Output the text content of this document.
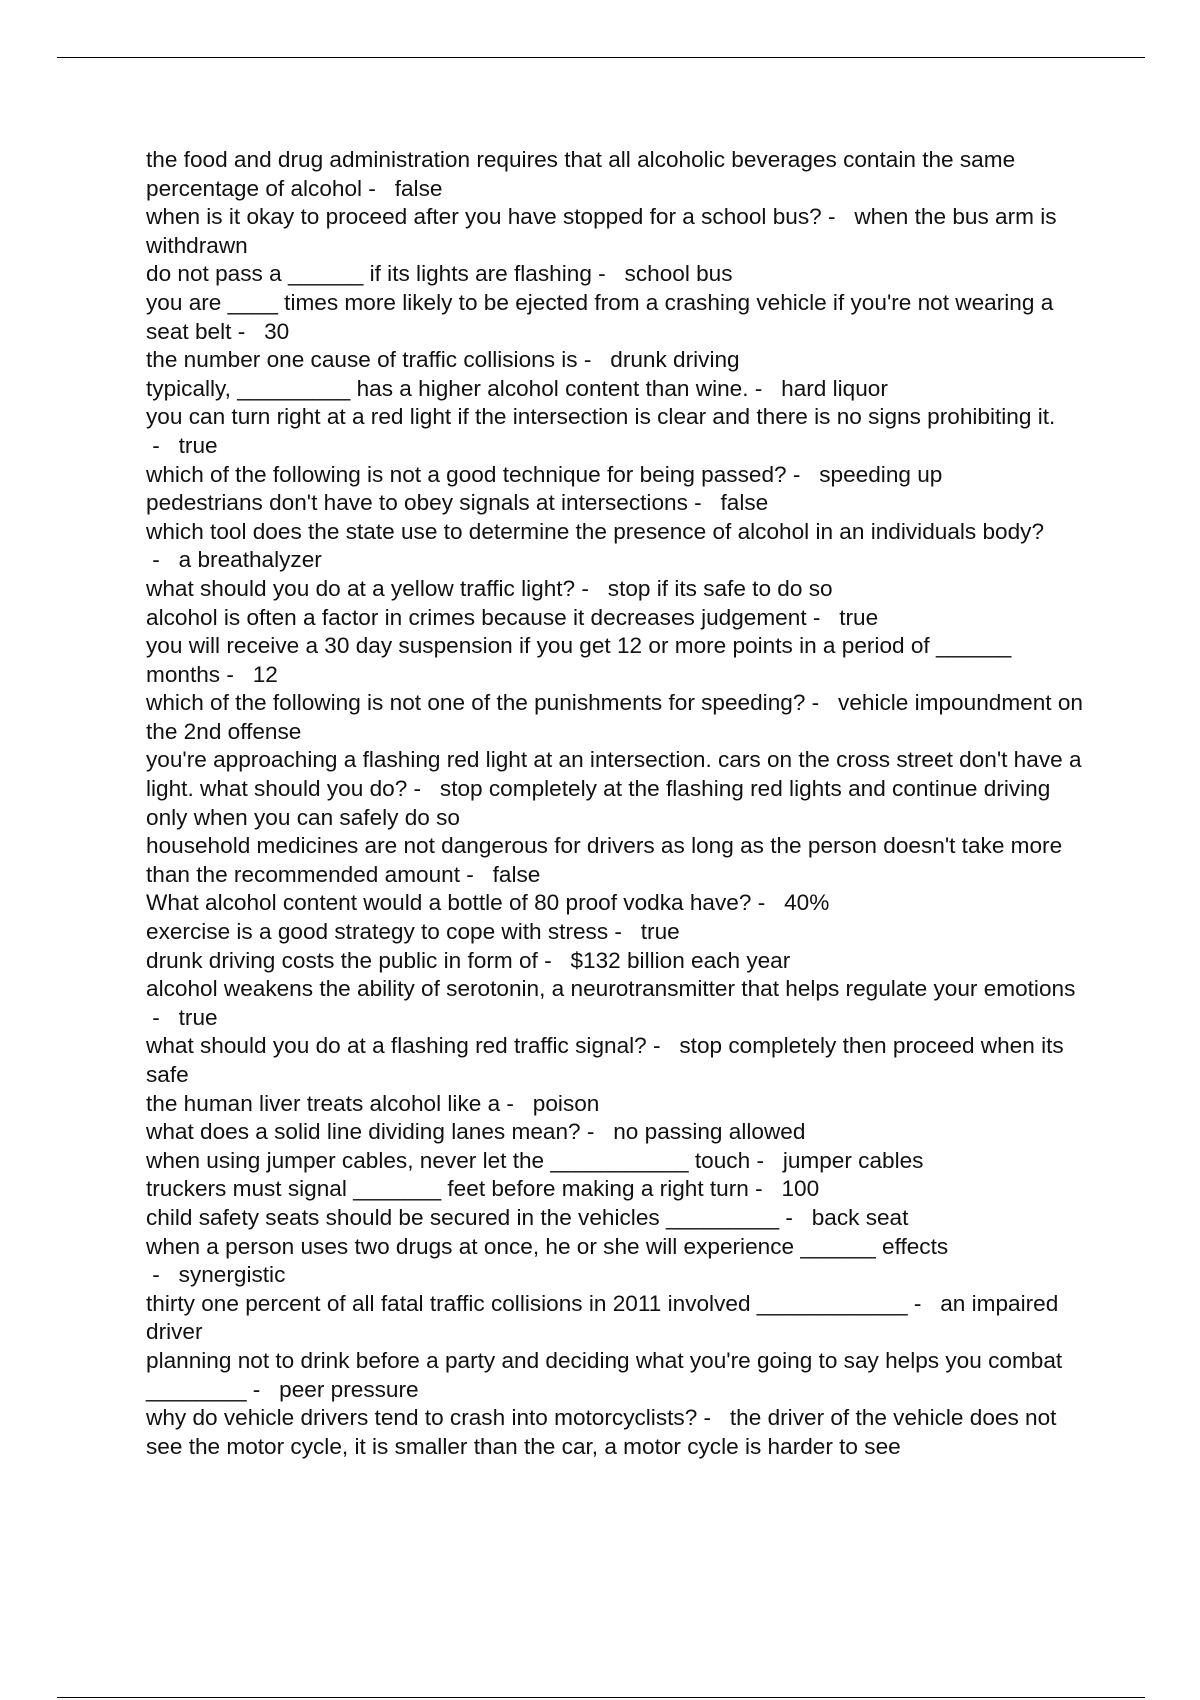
the food and drug administration requires that all alcoholic beverages contain the same percentage of alcohol -   false

when is it okay to proceed after you have stopped for a school bus? -   when the bus arm is withdrawn

do not pass a ______ if its lights are flashing -   school bus

you are ____ times more likely to be ejected from a crashing vehicle if you're not wearing a seat belt -   30

the number one cause of traffic collisions is -   drunk driving

typically, _________ has a higher alcohol content than wine. -   hard liquor

you can turn right at a red light if the intersection is clear and there is no signs prohibiting it. -   true

which of the following is not a good technique for being passed? -   speeding up

pedestrians don't have to obey signals at intersections -   false

which tool does the state use to determine the presence of alcohol in an individuals body? -   a breathalyzer

what should you do at a yellow traffic light? -   stop if its safe to do so

alcohol is often a factor in crimes because it decreases judgement -   true

you will receive a 30 day suspension if you get 12 or more points in a period of ______ months -   12

which of the following is not one of the punishments for speeding? -   vehicle impoundment on the 2nd offense

you're approaching a flashing red light at an intersection. cars on the cross street don't have a light. what should you do? -   stop completely at the flashing red lights and continue driving only when you can safely do so

household medicines are not dangerous for drivers as long as the person doesn't take more than the recommended amount -   false

What alcohol content would a bottle of 80 proof vodka have? -   40%

exercise is a good strategy to cope with stress -   true

drunk driving costs the public in form of -   $132 billion each year

alcohol weakens the ability of serotonin, a neurotransmitter that helps regulate your emotions -   true

what should you do at a flashing red traffic signal? -   stop completely then proceed when its safe

the human liver treats alcohol like a -   poison

what does a solid line dividing lanes mean? -   no passing allowed

when using jumper cables, never let the ___________ touch -   jumper cables

truckers must signal _______ feet before making a right turn -   100

child safety seats should be secured in the vehicles _________ -   back seat

when a person uses two drugs at once, he or she will experience ______ effects -   synergistic

thirty one percent of all fatal traffic collisions in 2011 involved ____________ -   an impaired driver

planning not to drink before a party and deciding what you're going to say helps you combat ________ -   peer pressure

why do vehicle drivers tend to crash into motorcyclists? -   the driver of the vehicle does not see the motor cycle, it is smaller than the car, a motor cycle is harder to see
